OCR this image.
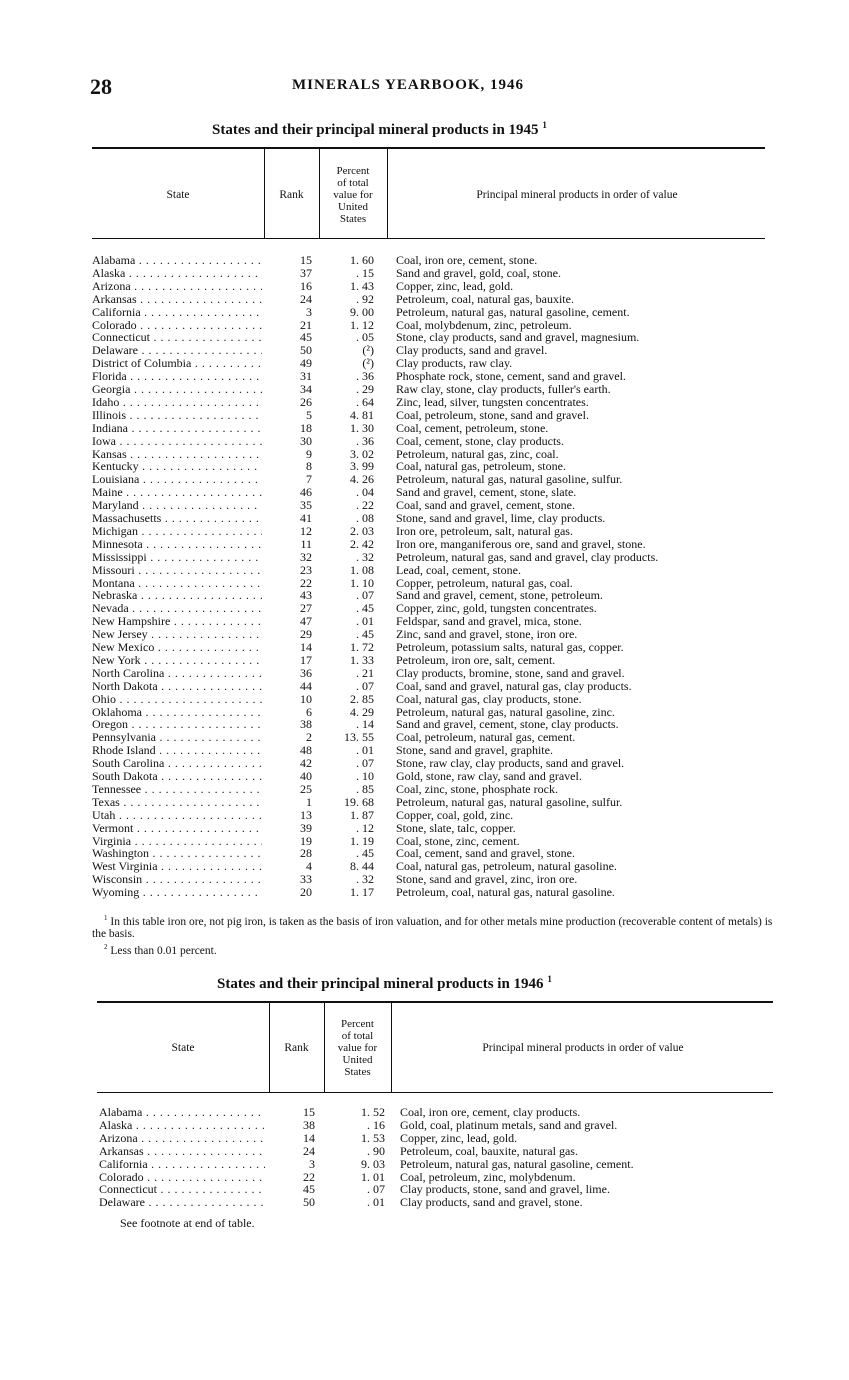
28	MINERALS YEARBOOK, 1946
States and their principal mineral products in 1945 $^1$
State	Rank
Percent
of total
value for
United
States
Principal mineral products in order of value
Alabama . . .	15	1. 60 Coal, iron ore, cement, stone.
Alaska . . .	37	. 15 Sand and gravel, gold, coal, stone.
Arizona . . .	16	1. 43 Copper, zinc, lead, gold.
Arkansas . . .	24	. 92 Petroleum, coal, natural gas, bauxite.
California . . .	3	9. 00 Petroleum, natural gas, natural gasoline, cement.
Colorado . . .	21	1. 12 Coal, molybdenum, zinc, petroleum.
Connecticut . . .	45	. 05 Stone, clay products, sand and gravel, magnesium.
Delaware . . .	50	(²) Clay products, sand and gravel.
District of Columbia . . .	49	(²) Clay products, raw clay.
Florida . . .	31	. 36 Phosphate rock, stone, cement, sand and gravel.
Georgia . . .	34	. 29 Raw clay, stone, clay products, fuller's earth.
Idaho . . .	26	. 64 Zinc, lead, silver, tungsten concentrates.
Illinois . . .	5	4. 81 Coal, petroleum, stone, sand and gravel.
Indiana . . .	18	1. 30 Coal, cement, petroleum, stone.
Iowa . . .	30	. 36 Coal, cement, stone, clay products.
Kansas . . .	9	3. 02 Petroleum, natural gas, zinc, coal.
Kentucky . . .	8	3. 99 Coal, natural gas, petroleum, stone.
Louisiana . . .	7	4. 26 Petroleum, natural gas, natural gasoline, sulfur.
Maine . . .	46	. 04 Sand and gravel, cement, stone, slate.
Maryland . . .	35	. 22 Coal, sand and gravel, cement, stone.
Massachusetts . . .	41	. 08 Stone, sand and gravel, lime, clay products.
Michigan . . .	12	2. 03 Iron ore, petroleum, salt, natural gas.
Minnesota . . .	11	2. 42 Iron ore, manganiferous ore, sand and gravel, stone.
Mississippi . . .	32	. 32 Petroleum, natural gas, sand and gravel, clay products.
Missouri . . .	23	1. 08 Lead, coal, cement, stone.
Montana . . .	22	1. 10 Copper, petroleum, natural gas, coal.
Nebraska . . .	43	. 07 Sand and gravel, cement, stone, petroleum.
Nevada . . .	27	. 45 Copper, zinc, gold, tungsten concentrates.
New Hampshire . . .	47	. 01 Feldspar, sand and gravel, mica, stone.
New Jersey . . .	29	. 45 Zinc, sand and gravel, stone, iron ore.
New Mexico . . .	14	1. 72 Petroleum, potassium salts, natural gas, copper.
New York . . .	17	1. 33 Petroleum, iron ore, salt, cement.
North Carolina . . .	36	. 21 Clay products, bromine, stone, sand and gravel.
North Dakota . . .	44	. 07 Coal, sand and gravel, natural gas, clay products.
Ohio . . .	10	2. 85 Coal, natural gas, clay products, stone.
Oklahoma . . .	6	4. 29 Petroleum, natural gas, natural gasoline, zinc.
Oregon . . .	38	. 14 Sand and gravel, cement, stone, clay products.
Pennsylvania . . .	2	13. 55 Coal, petroleum, natural gas, cement.
Rhode Island . . .	48	. 01 Stone, sand and gravel, graphite.
South Carolina . . .	42	. 07 Stone, raw clay, clay products, sand and gravel.
South Dakota . . .	40	. 10 Gold, stone, raw clay, sand and gravel.
Tennessee . . .	25	. 85 Coal, zinc, stone, phosphate rock.
Texas . . .	1	19. 68 Petroleum, natural gas, natural gasoline, sulfur.
Utah . . .	13	1. 87 Copper, coal, gold, zinc.
Vermont . . .	39	. 12 Stone, slate, talc, copper.
Virginia . . .	19	1. 19 Coal, stone, zinc, cement.
Washington . . .	28	. 45 Coal, cement, sand and gravel, stone.
West Virginia . . .	4	8. 44 Coal, natural gas, petroleum, natural gasoline.
Wisconsin . . .	33	. 32 Stone, sand and gravel, zinc, iron ore.
Wyoming . . .	20	1. 17 Petroleum, coal, natural gas, natural gasoline.

$^1$ In this table iron ore, not pig iron, is taken as the basis of iron valuation, and for other metals mine production (recoverable content of metals) is the basis.

$^2$ Less than 0.01 percent.

States and their principal mineral products in 1946 $^1$
State	Rank
Percent
of total
value for
United
States
Principal mineral products in order of value
Alabama . . .	15	1. 52 Coal, iron ore, cement, clay products.
Alaska . . .	38	. 16 Gold, coal, platinum metals, sand and gravel.
Arizona . . .	14	1. 53 Copper, zinc, lead, gold.
Arkansas . . .	24	. 90 Petroleum, coal, bauxite, natural gas.
California . . .	3	9. 03 Petroleum, natural gas, natural gasoline, cement.
Colorado . . .	22	1. 01 Coal, petroleum, zinc, molybdenum.
Connecticut . . .	45	. 07 Clay products, stone, sand and gravel, lime.
Delaware . . .	50	. 01 Clay products, sand and gravel, stone.
See footnote at end of table.
